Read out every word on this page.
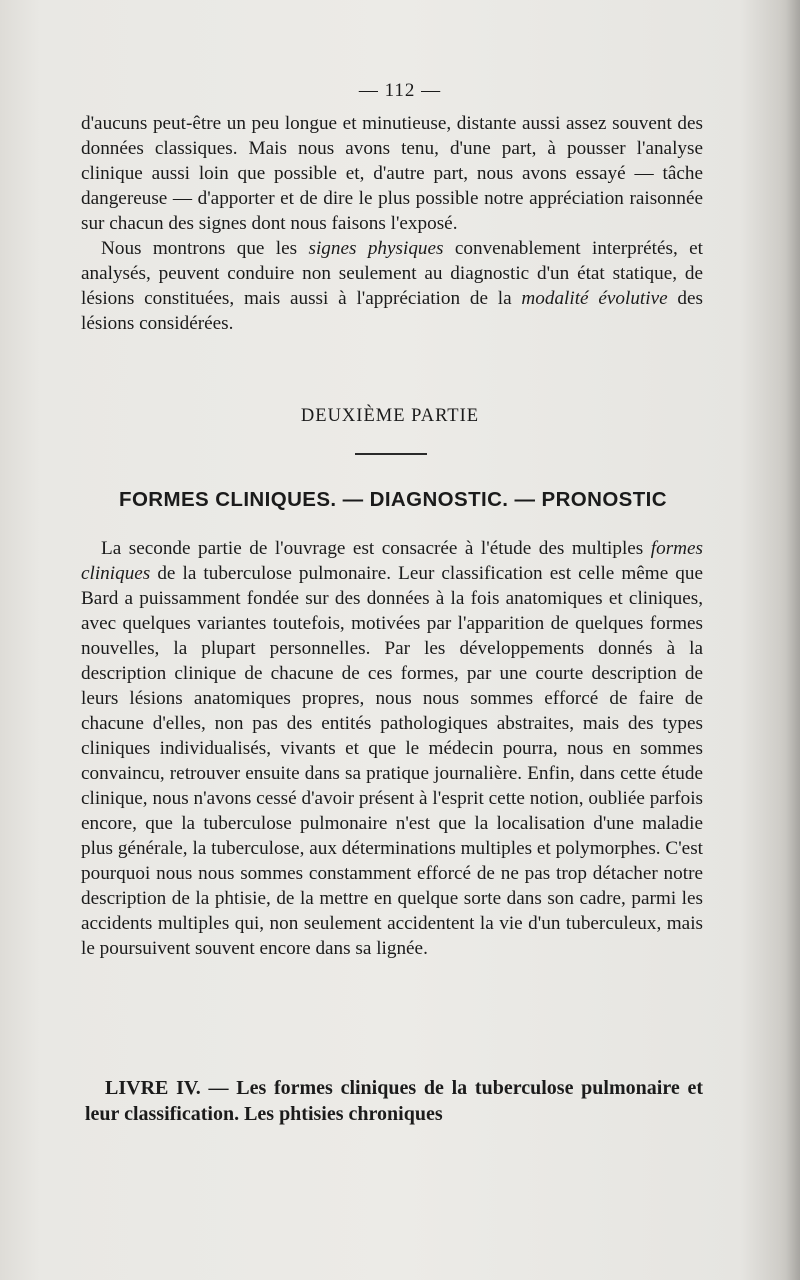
— 112 —

d'aucuns peut-être un peu longue et minutieuse, distante aussi assez souvent des données classiques. Mais nous avons tenu, d'une part, à pousser l'analyse clinique aussi loin que possible et, d'autre part, nous avons essayé — tâche dangereuse — d'apporter et de dire le plus possible notre appréciation raisonnée sur chacun des signes dont nous faisons l'exposé.

Nous montrons que les signes physiques convenablement interprétés, et analysés, peuvent conduire non seulement au diagnostic d'un état statique, de lésions constituées, mais aussi à l'appréciation de la modalité évolutive des lésions considérées.

DEUXIÈME PARTIE
FORMES CLINIQUES. — DIAGNOSTIC. — PRONOSTIC

La seconde partie de l'ouvrage est consacrée à l'étude des multiples formes cliniques de la tuberculose pulmonaire. Leur classification est celle même que Bard a puissamment fondée sur des données à la fois anatomiques et cliniques, avec quelques variantes toutefois, motivées par l'apparition de quelques formes nouvelles, la plupart personnelles. Par les développements donnés à la description clinique de chacune de ces formes, par une courte description de leurs lésions anatomiques propres, nous nous sommes efforcé de faire de chacune d'elles, non pas des entités pathologiques abstraites, mais des types cliniques individualisés, vivants et que le médecin pourra, nous en sommes convaincu, retrouver ensuite dans sa pratique journalière. Enfin, dans cette étude clinique, nous n'avons cessé d'avoir présent à l'esprit cette notion, oubliée parfois encore, que la tuberculose pulmonaire n'est que la localisation d'une maladie plus générale, la tuberculose, aux déterminations multiples et polymorphes. C'est pourquoi nous nous sommes constamment efforcé de ne pas trop détacher notre description de la phtisie, de la mettre en quelque sorte dans son cadre, parmi les accidents multiples qui, non seulement accidentent la vie d'un tuberculeux, mais le poursuivent souvent encore dans sa lignée.

LIVRE IV. — Les formes cliniques de la tuberculose pulmonaire et leur classification. Les phtisies chroniques
